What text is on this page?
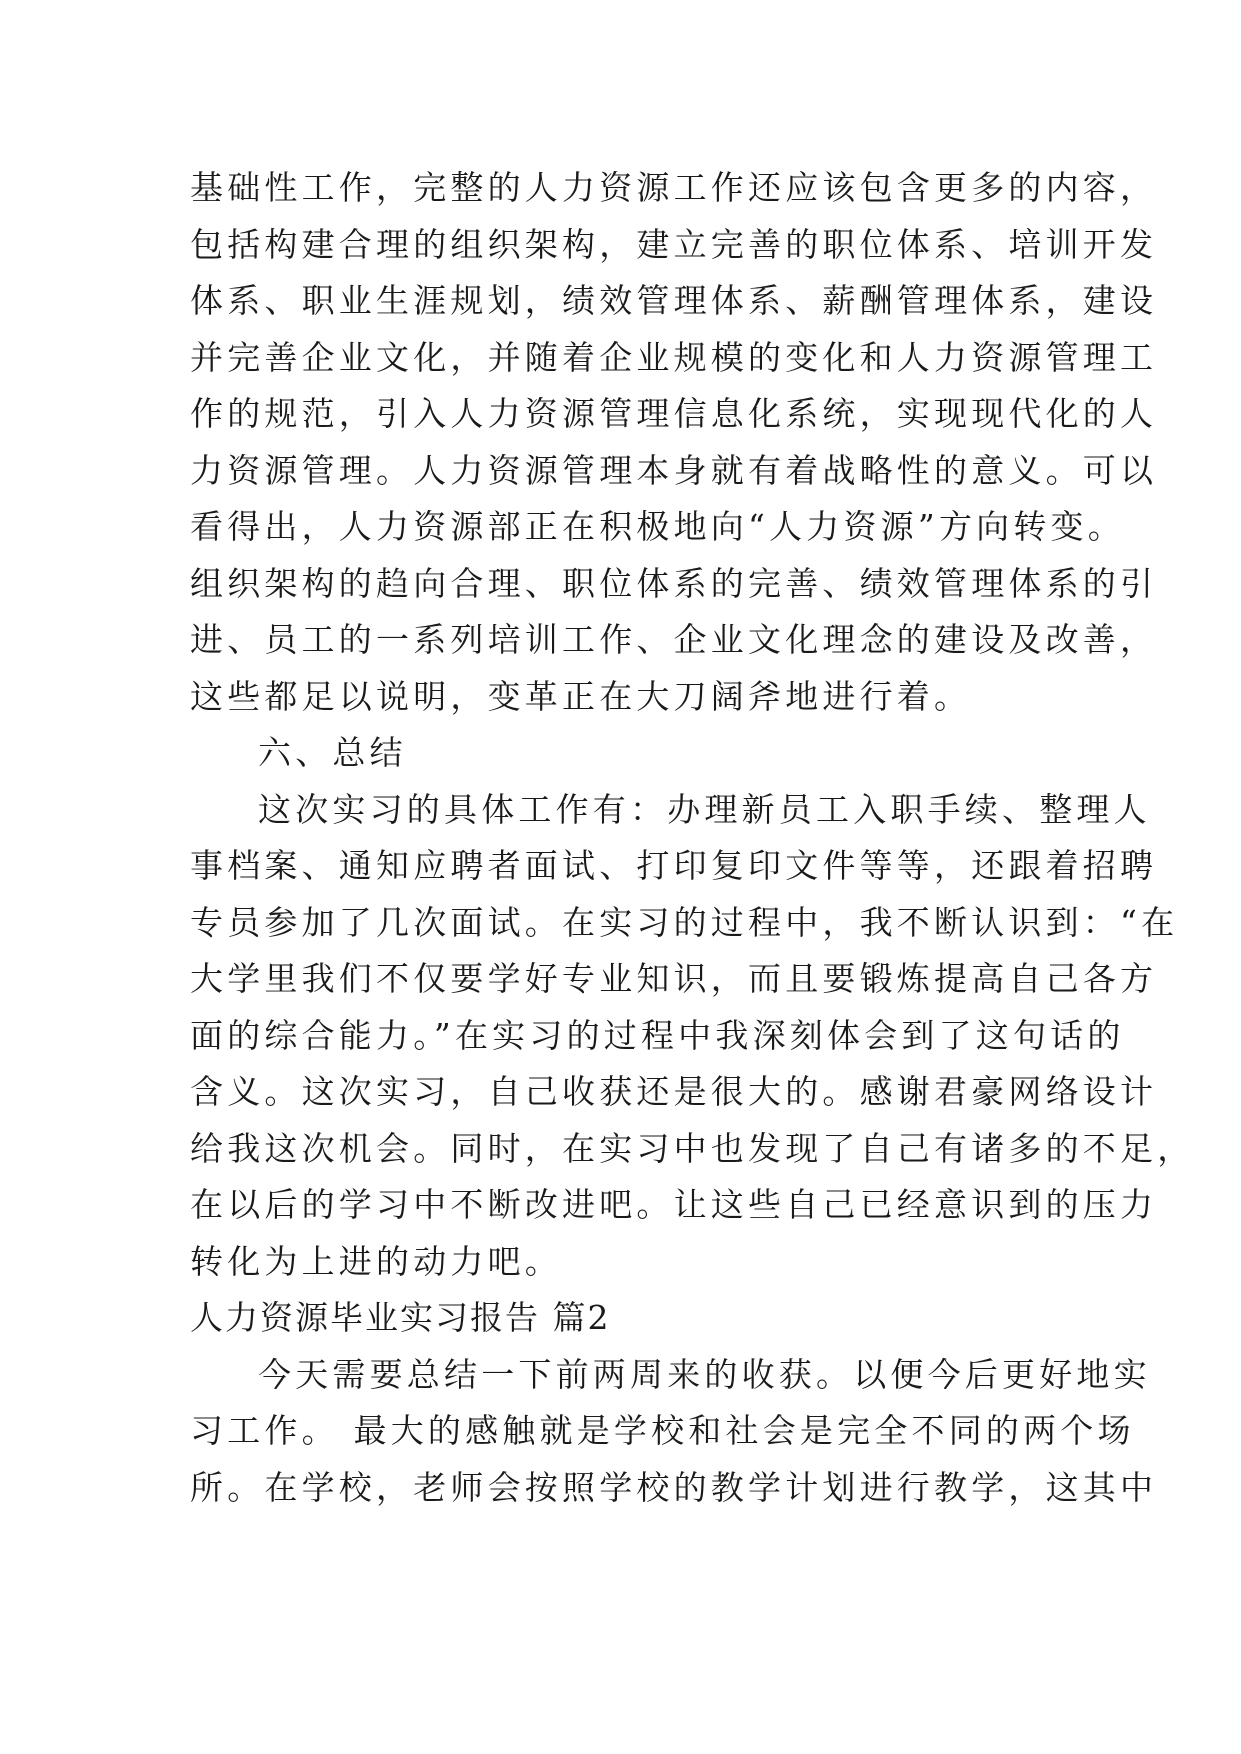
基础性工作，完整的人力资源工作还应该包含更多的内容，
包括构建合理的组织架构，建立完善的职位体系、培训开发
体系、职业生涯规划，绩效管理体系、薪酬管理体系，建设
并完善企业文化，并随着企业规模的变化和人力资源管理工
作的规范，引入人力资源管理信息化系统，实现现代化的人
力资源管理。人力资源管理本身就有着战略性的意义。可以
看得出，人力资源部正在积极地向“人力资源”方向转变。
组织架构的趋向合理、职位体系的完善、绩效管理体系的引
进、员工的一系列培训工作、企业文化理念的建设及改善，
这些都足以说明，变革正在大刀阔斧地进行着。
六、总结
这次实习的具体工作有：办理新员工入职手续、整理人
事档案、通知应聘者面试、打印复印文件等等，还跟着招聘
专员参加了几次面试。在实习的过程中，我不断认识到：“在
大学里我们不仅要学好专业知识，而且要锻炼提高自己各方
面的综合能力。”在实习的过程中我深刻体会到了这句话的
含义。这次实习，自己收获还是很大的。感谢君豪网络设计
给我这次机会。同时，在实习中也发现了自己有诸多的不足，
在以后的学习中不断改进吧。让这些自己已经意识到的压力
转化为上进的动力吧。
人力资源毕业实习报告 篇2
今天需要总结一下前两周来的收获。以便今后更好地实
习工作。 最大的感触就是学校和社会是完全不同的两个场
所。在学校，老师会按照学校的教学计划进行教学，这其中
